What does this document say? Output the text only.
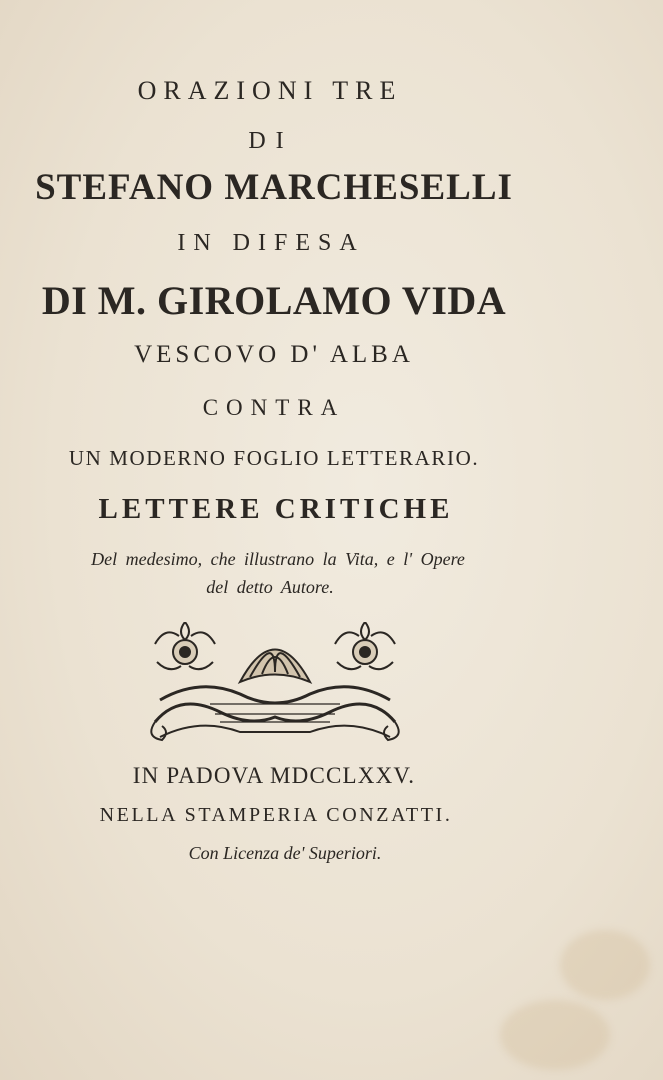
ORAZIONI TRE
DI
STEFANO MARCHESELLI
IN DIFESA
DI M. GIROLAMO VIDA
VESCOVO D' ALBA
CONTRA
UN MODERNO FOGLIO LETTERARIO.
LETTERE CRITICHE
Del medesimo, che illustrano la Vita, e l' Opere
del detto Autore.
IN PADOVA MDCCLXXV.
NELLA STAMPERIA CONZATTI.
Con Licenza de' Superiori.
